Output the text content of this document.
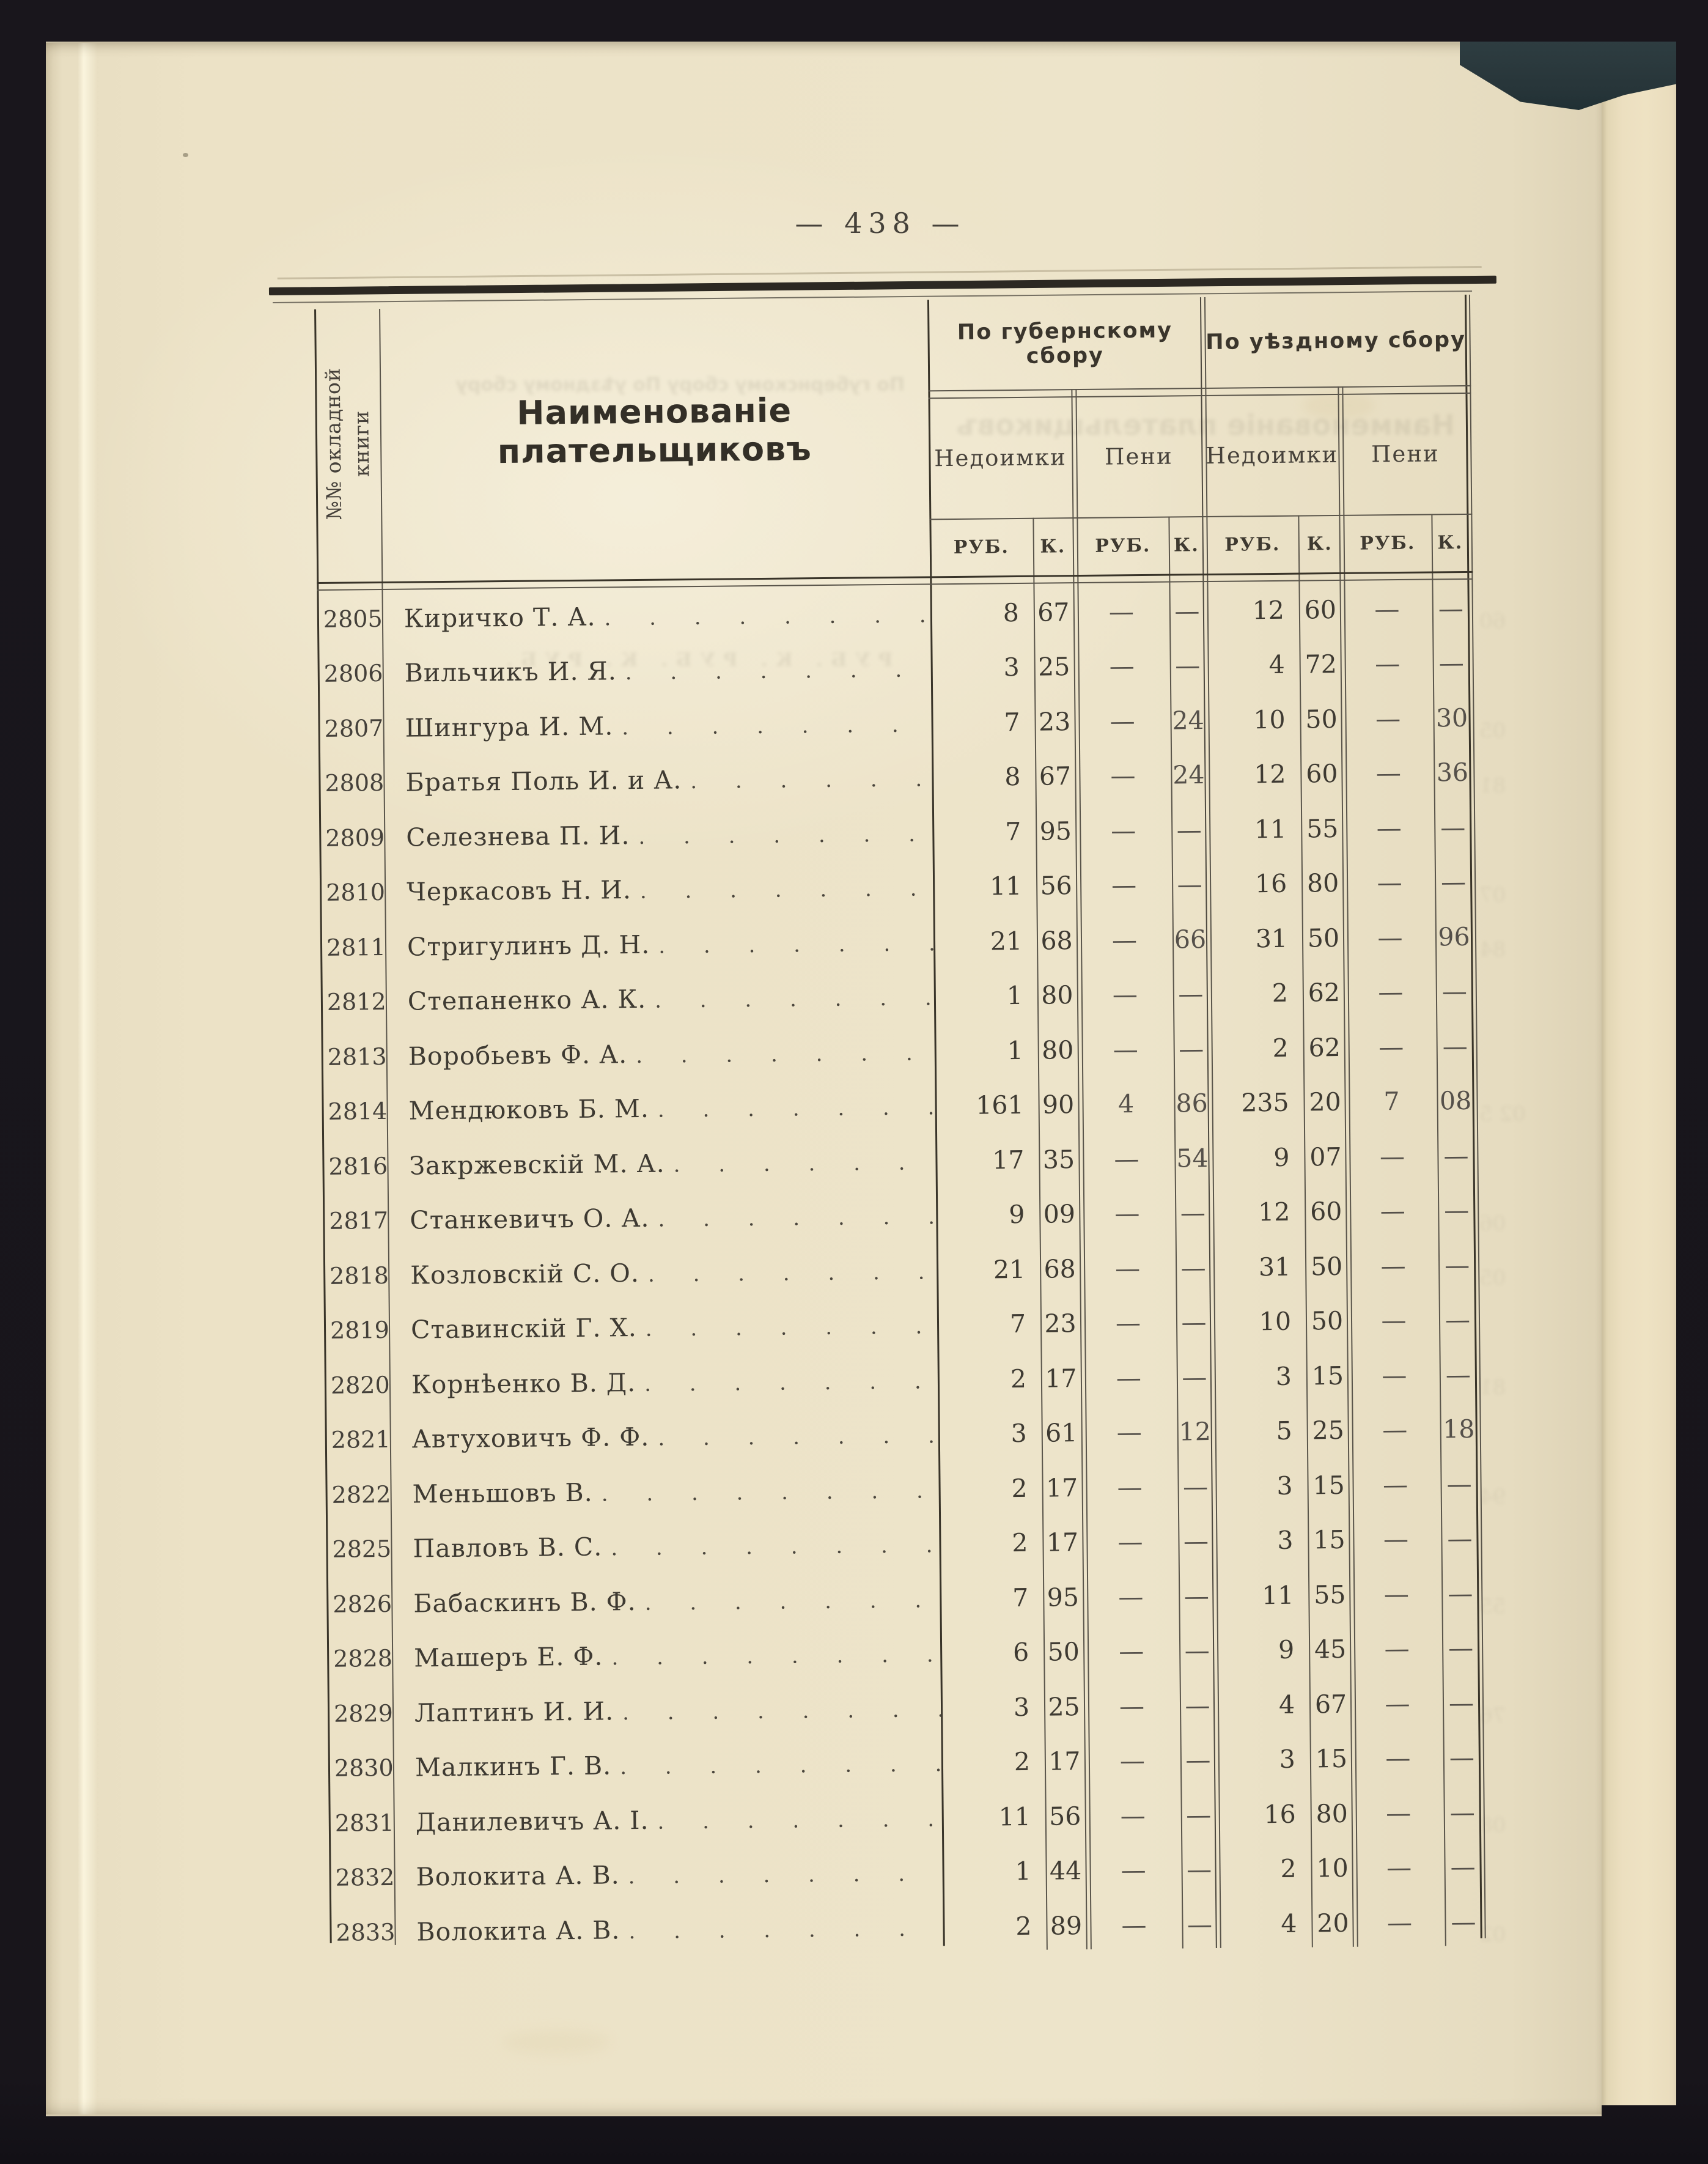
— 438 —
№№ окладной книги	Наименованіе плательщиковъ
По губернскому сбору
По уѣздному сбору
Недоимки	Пени	Недоимки	Пени
РУБ.	К.	РУБ.	К.	РУБ.	К.	РУБ.	К.
2805 Киричко Т. А. . . .	8 67	—	—	12 60	—	—
2806 Вильчикъ И. Я. . . .	3 25	—	—	4 72	—	—
2807 Шингура И. М. . . .	7 23	—	24	10 50	—	30
2808 Братья Поль И. и А. . . .	8 67	—	24	12 60	—	36
2809 Селезнева П. И. . . .	7 95	—	—	11 55	—	—
2810 Черкасовъ Н. И. . . .	11 56	—	—	16 80	—	—
2811 Стригулинъ Д. Н. . . .	21 68	—	66	31 50	—	96
2812 Степаненко А. К. . . .	1 80	—	—	2 62	—	—
2813 Воробьевъ Ф. А. . . .	1 80	—	—	2 62	—	—
2814 Мендюковъ Б. М. . . .	161 90	4	86	235 20	7	08
2816 Закржевскій М. А. . . .	17 35	—	54	9 07	—	—
2817 Станкевичъ О. А. . . .	9 09	—	—	12 60	—	—
2818 Козловскій С. О. . . .	21 68	—	—	31 50	—	—
2819 Ставинскій Г. Х. . . .	7 23	—	—	10 50	—	—
2820 Корнѣенко В. Д. . . .	2 17	—	—	3 15	—	—
2821 Автуховичъ Ф. Ф. . . .	3 61	—	12	5 25	—	18
2822 Меньшовъ В. . . .	2 17	—	—	3 15	—	—
2825 Павловъ В. С. . . .	2 17	—	—	3 15	—	—
2826 Бабаскинъ В. Ф. . . .	7 95	—	—	11 55	—	—
2828 Машеръ Е. Ф. . . .	6 50	—	—	9 45	—	—
2829 Лаптинъ И. И. . . .	3 25	—	—	4 67	—	—
2830 Малкинъ Г. В. . . .	2 17	—	—	3 15	—	—
2831 Данилевичъ А. І. . . .	11 56	—	—	16 80	—	—
2832 Волокита А. В. . . .	1 44	—	—	2 10	—	—
2833 Волокита А. В. . . .	2 89	—	—	4 20	—	—
